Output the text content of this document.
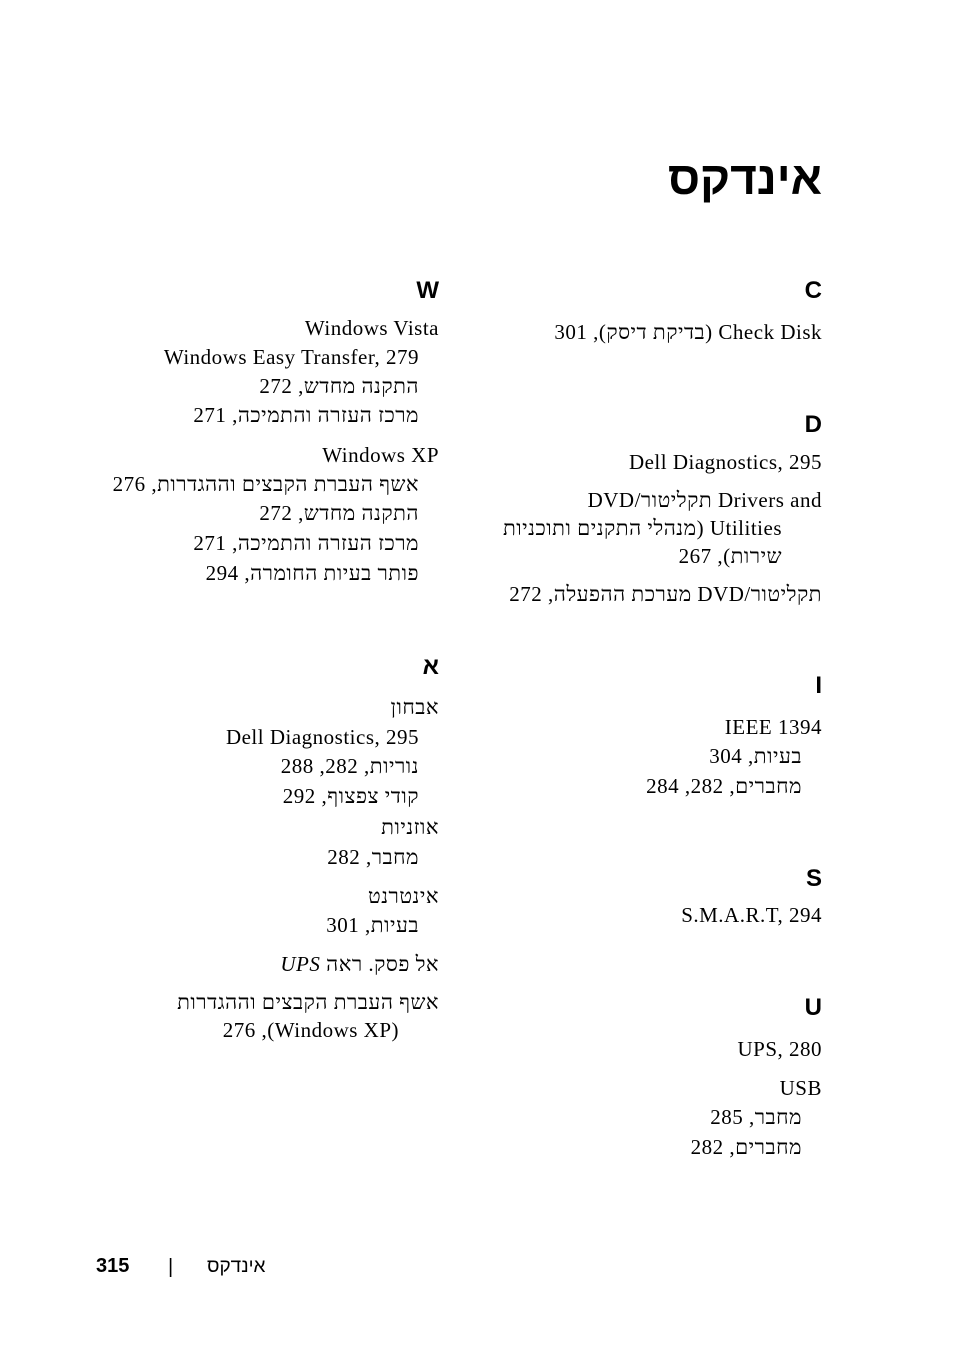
אינדקס
C
Check Disk (בדיקת דיסק), 301
D
Dell Diagnostics, 295
Drivers and תקליטור/DVD
Utilities (מנהלי התקנים ותוכניות
שירות), 267
תקליטור/DVD מערכת ההפעלה, 272
I
IEEE 1394
בעיות, 304
מחברים, 282, 284
S
S.M.A.R.T, 294
U
UPS, 280
USB
מחבר, 285
מחברים, 282
W
Windows Vista
Windows Easy Transfer, 279
התקנה מחדש, 272
מרכז העזרה והתמיכה, 271
Windows XP
אשף העברת הקבצים וההגדרות, 276
התקנה מחדש, 272
מרכז העזרה והתמיכה, 271
פותר בעיות החומרה, 294
א
אבחון
Dell Diagnostics, 295
נוריות, 282, 288
קודי צפצוף, 292
אוזניות
מחבר, 282
אינטרנט
בעיות, 301
אל פסק. ראה UPS
אשף העברת הקבצים וההגדרות
(Windows XP), 276
315 | אינדקס
